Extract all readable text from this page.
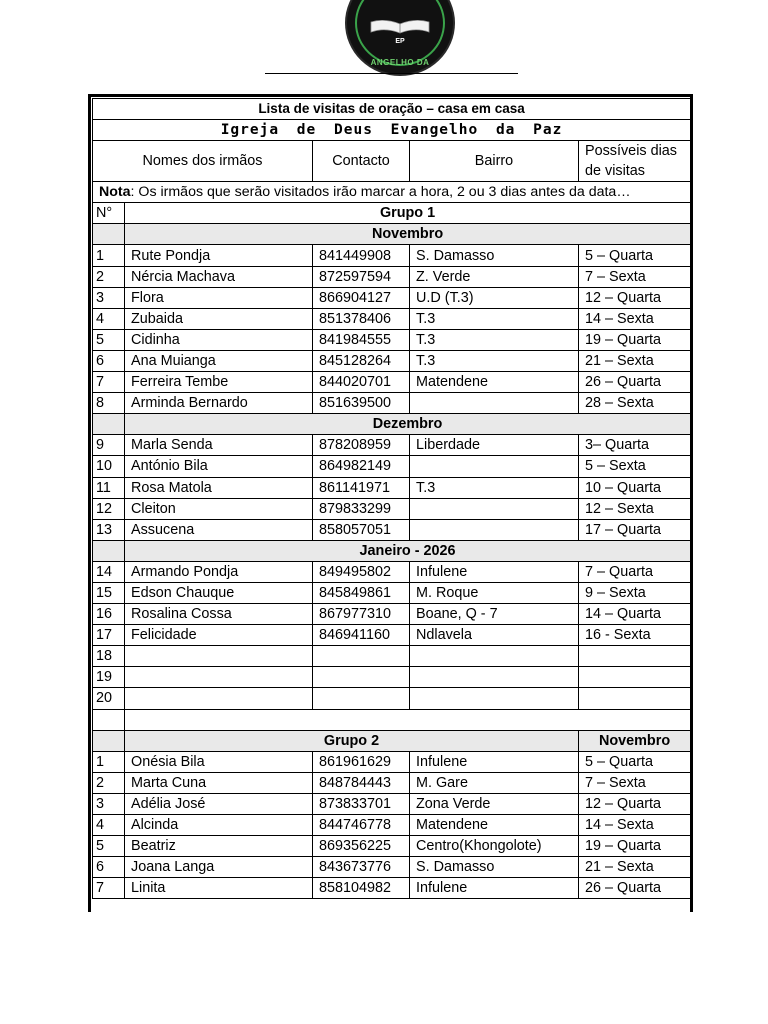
EP
ANGELHO DA
Lista de visitas de oração – casa em casa				
Igreja de Deus Evangelho da Paz				
Nomes dos irmãos		Contacto	Bairro	Possíveis dias
de visitas
Nota: Os irmãos que serão visitados irão marcar a hora, 2 ou 3 dias antes da data…				
N°	Grupo 1			
	Novembro			
1	Rute Pondja	841449908	S. Damasso	5 – Quarta
2	Nércia Machava	872597594	Z. Verde	7 – Sexta
3	Flora	866904127	U.D (T.3)	12 – Quarta
4	Zubaida	851378406	T.3	14 – Sexta
5	Cidinha	841984555	T.3	19 – Quarta
6	Ana Muianga	845128264	T.3	21 – Sexta
7	Ferreira Tembe	844020701	Matendene	26 – Quarta
8	Arminda Bernardo	851639500		28 – Sexta
	Dezembro			
9	Marla Senda	878208959	Liberdade	3– Quarta
10	António Bila	864982149		5 – Sexta
11	Rosa Matola	861141971	T.3	10 – Quarta
12	Cleiton	879833299		12 – Sexta
13	Assucena	858057051		17 – Quarta
	Janeiro - 2026			
14	Armando Pondja	849495802	Infulene	7 – Quarta
15	Edson Chauque	845849861	M. Roque	9 – Sexta
16	Rosalina Cossa	867977310	Boane, Q - 7	14 – Quarta
17	Felicidade	846941160	Ndlavela	16 - Sexta
18				
19				
20				

	Grupo 2			Novembro
1	Onésia Bila	861961629	Infulene	5 – Quarta
2	Marta Cuna	848784443	M. Gare	7 – Sexta
3	Adélia José	873833701	Zona Verde	12 – Quarta
4	Alcinda	844746778	Matendene	14 – Sexta
5	Beatriz	869356225	Centro(Khongolote)	19 – Quarta
6	Joana Langa	843673776	S. Damasso	21 – Sexta
7	Linita	858104982	Infulene	26 – Quarta
